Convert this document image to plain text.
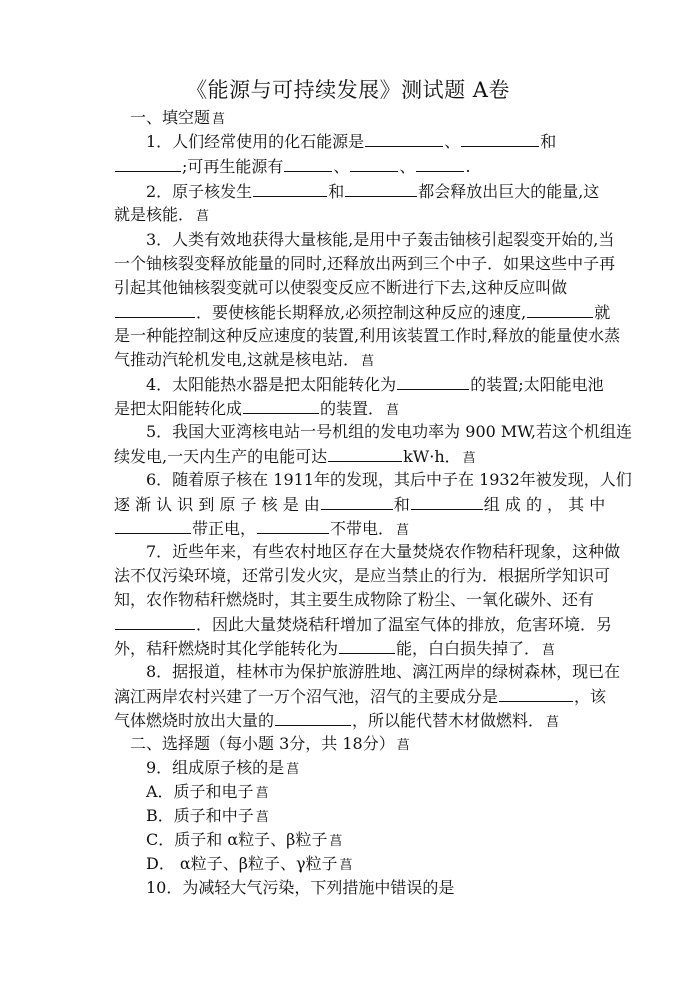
《能源与可持续发展》测试题 A卷
一、填空题 菖
1．人们经常使用的化石能源是	、	和
;可再生能源有	、	、	.
2．原子核发生	和	都会释放出巨大的能量,这
就是核能． 菖
3．人类有效地获得大量核能,是用中子轰击铀核引起裂变开始的,当
一个铀核裂变释放能量的同时,还释放出两到三个中子．如果这些中子再
引起其他铀核裂变就可以使裂变反应不断进行下去,这种反应叫做
．要使核能长期释放,必须控制这种反应的速度,	就
是一种能控制这种反应速度的装置,利用该装置工作时,释放的能量使水蒸
气推动汽轮机发电,这就是核电站． 菖
4．太阳能热水器是把太阳能转化为	的装置;太阳能电池
是把太阳能转化成	的装置． 菖
5．我国大亚湾核电站一号机组的发电功率为 900 MW,若这个机组连
续发电,一天内生产的电能可达	kW·h． 菖
6．随着原子核在 1911年的发现，其后中子在 1932年被发现，人们
逐 渐 认 识 到 原 子 核 是 由	和	组 成 的 ， 其 中
带正电，	不带电． 菖
7．近些年来，有些农村地区存在大量焚烧农作物秸秆现象，这种做
法不仅污染环境，还常引发火灾，是应当禁止的行为．根据所学知识可
知，农作物秸秆燃烧时，其主要生成物除了粉尘、一氧化碳外、还有
．因此大量焚烧秸秆增加了温室气体的排放，危害环境．另
外，秸秆燃烧时其化学能转化为	能，白白损失掉了． 菖
8．据报道，桂林市为保护旅游胜地、漓江两岸的绿树森林，现已在
漓江两岸农村兴建了一万个沼气池，沼气的主要成分是	，该
气体燃烧时放出大量的	，所以能代替木材做燃料． 菖
二、选择题（每小题 3分，共 18分） 菖
9．组成原子核的是 菖
A．质子和电子 菖
B．质子和中子 菖
C．质子和 α粒子、β粒子 菖
D． α粒子、β粒子、γ粒子 菖
10．为减轻大气污染，下列措施中错误的是
